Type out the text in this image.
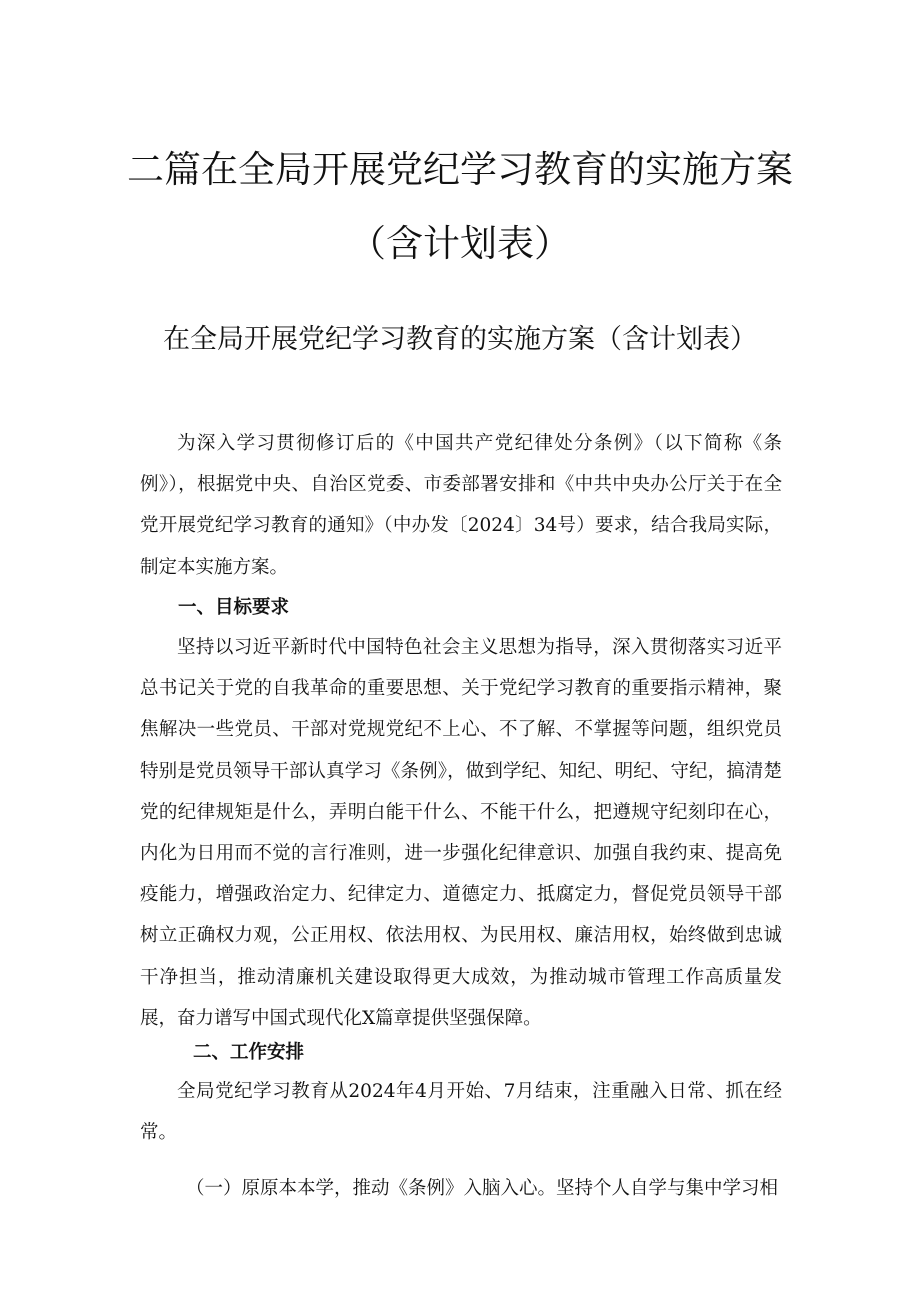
二篇在全局开展党纪学习教育的实施方案
（含计划表）
在全局开展党纪学习教育的实施方案（含计划表）

为深入学习贯彻修订后的《中国共产党纪律处分条例》（以下简称《条例》），根据党中央、自治区党委、市委部署安排和《中共中央办公厅关于在全党开展党纪学习教育的通知》（中办发〔2024〕34号）要求，结合我局实际，制定本实施方案。

一、目标要求

坚持以习近平新时代中国特色社会主义思想为指导，深入贯彻落实习近平总书记关于党的自我革命的重要思想、关于党纪学习教育的重要指示精神，聚焦解决一些党员、干部对党规党纪不上心、不了解、不掌握等问题，组织党员特别是党员领导干部认真学习《条例》，做到学纪、知纪、明纪、守纪，搞清楚党的纪律规矩是什么，弄明白能干什么、不能干什么，把遵规守纪刻印在心，内化为日用而不觉的言行准则，进一步强化纪律意识、加强自我约束、提高免疫能力，增强政治定力、纪律定力、道德定力、抵腐定力，督促党员领导干部树立正确权力观，公正用权、依法用权、为民用权、廉洁用权，始终做到忠诚干净担当，推动清廉机关建设取得更大成效，为推动城市管理工作高质量发展，奋力谱写中国式现代化X篇章提供坚强保障。

二、工作安排

全局党纪学习教育从2024年4月开始、7月结束，注重融入日常、抓在经常。

（一）原原本本学，推动《条例》入脑入心。坚持个人自学与集中学习相
